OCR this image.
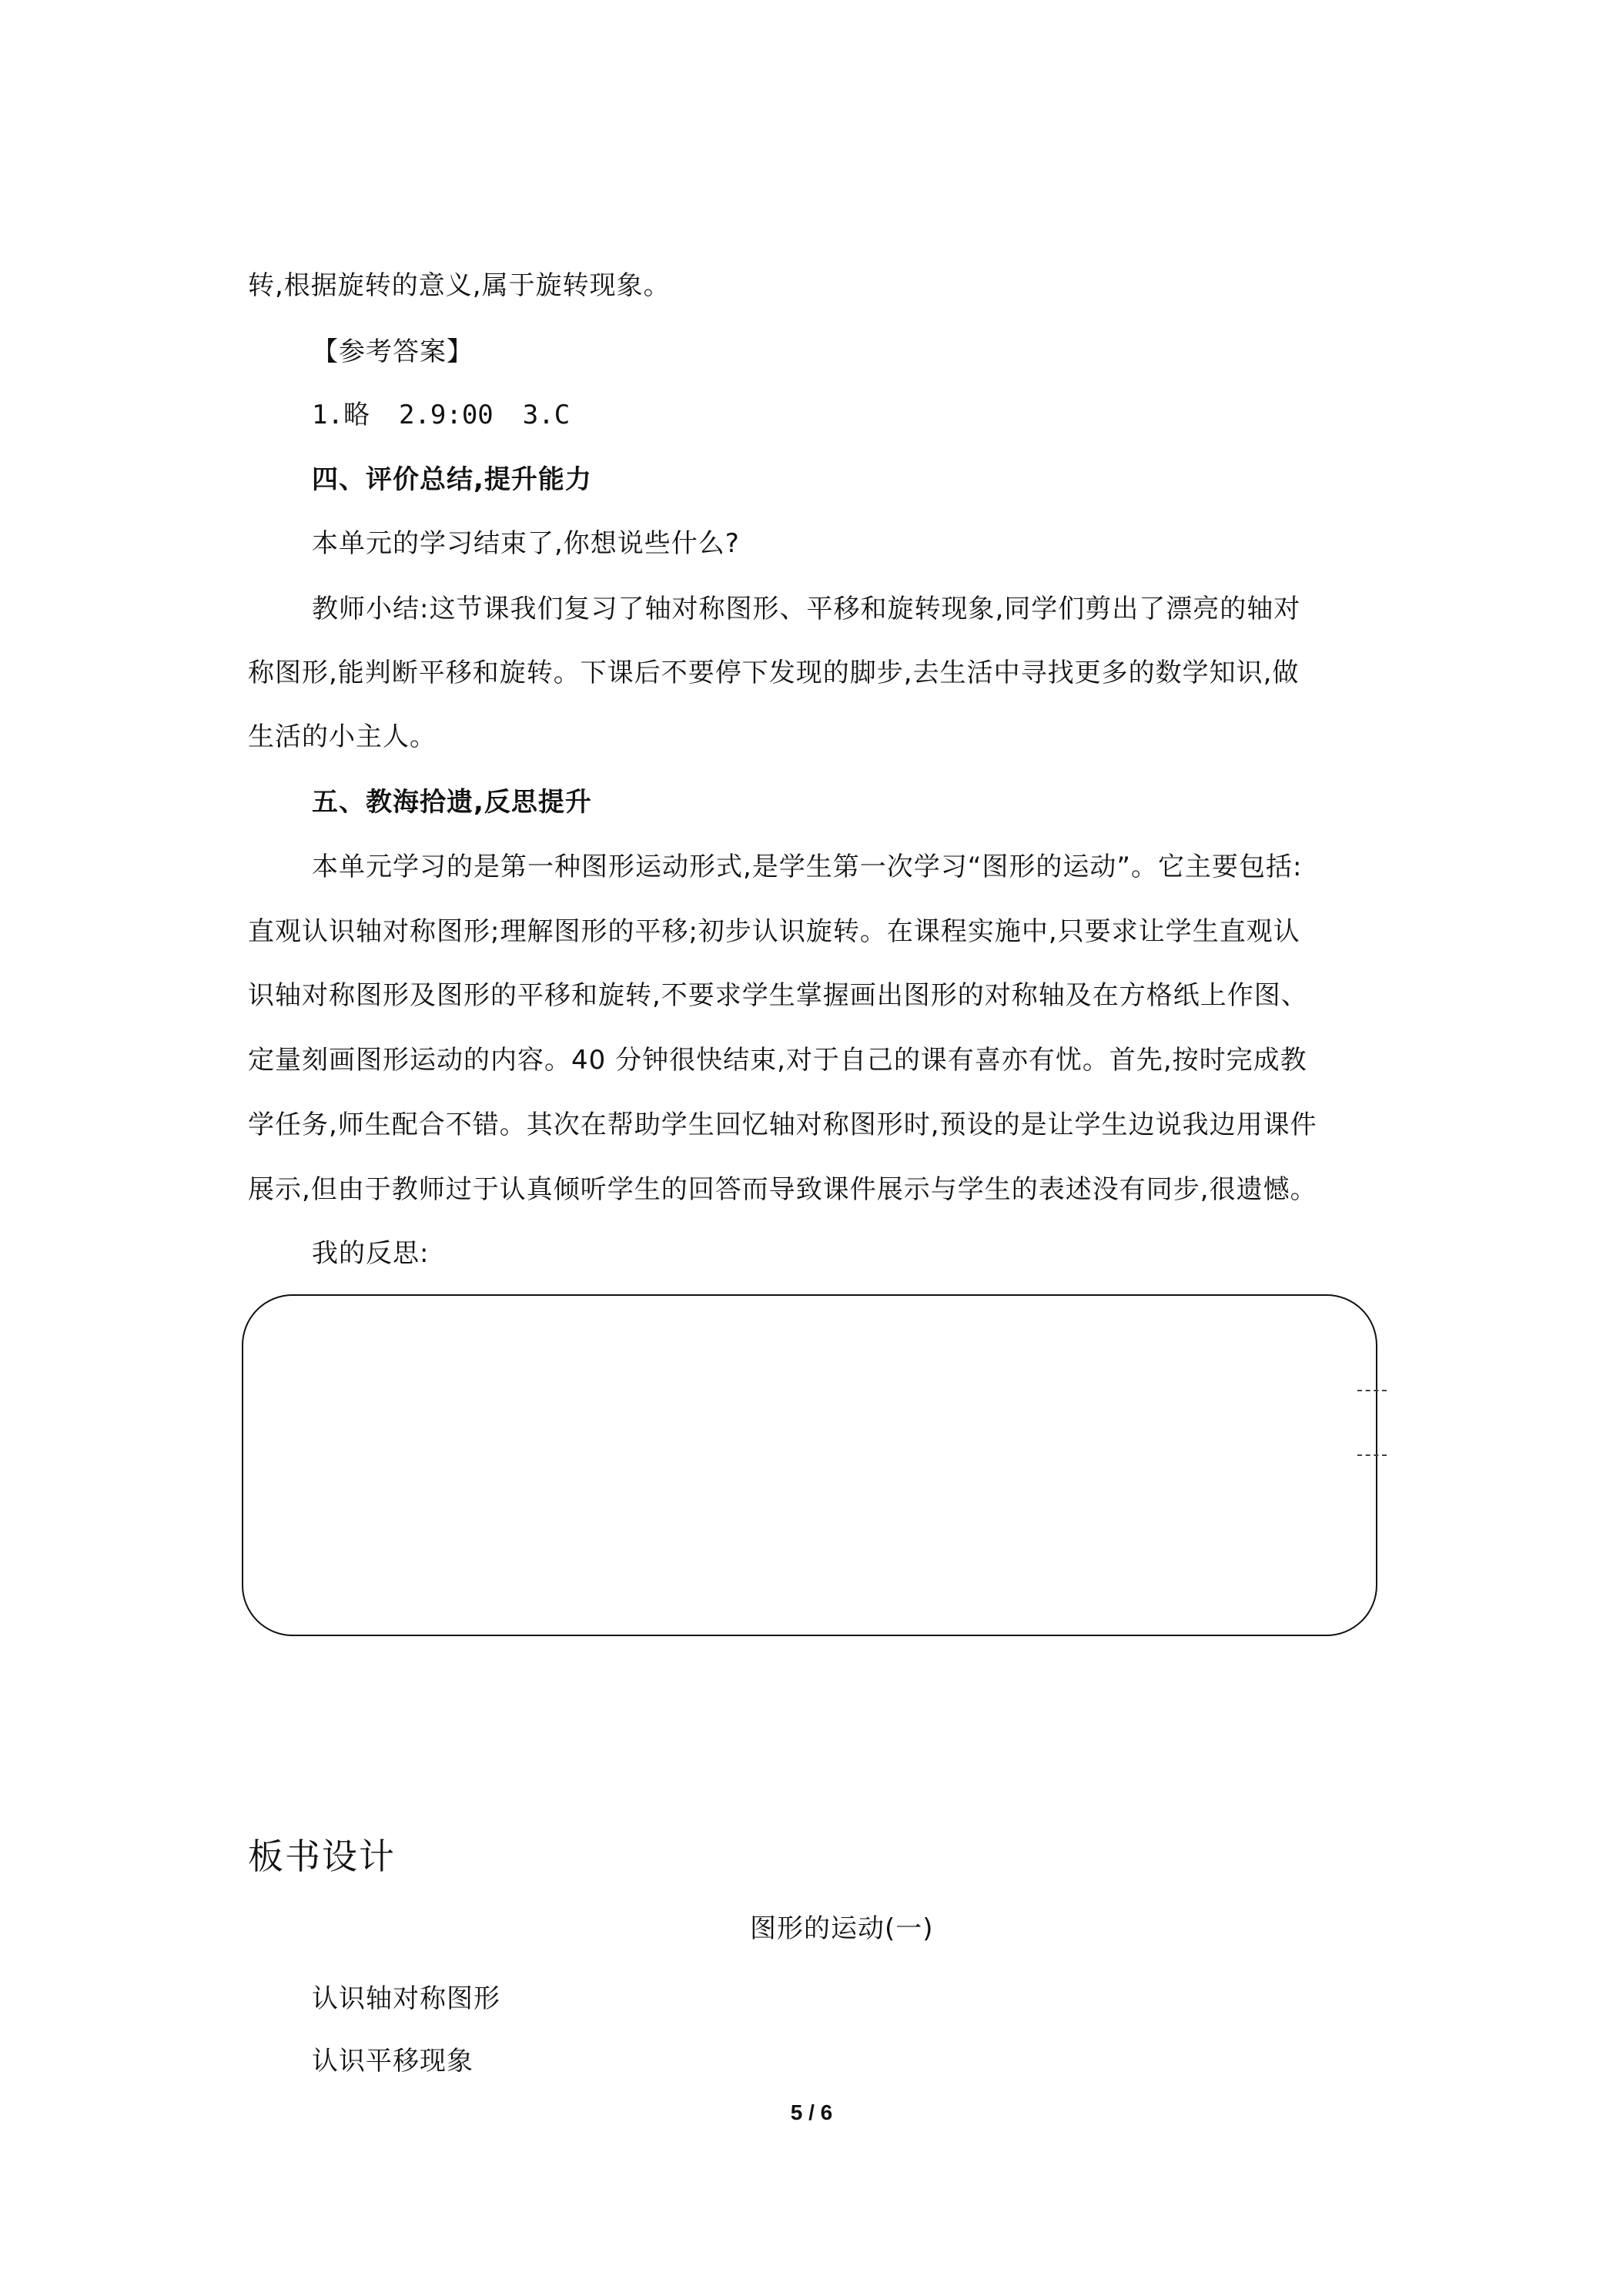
转,根据旋转的意义,属于旋转现象。
【参考答案】
1.略 2.9:00 3.C
四、评价总结,提升能力
本单元的学习结束了,你想说些什么?
教师小结:这节课我们复习了轴对称图形、平移和旋转现象,同学们剪出了漂亮的轴对
称图形,能判断平移和旋转。下课后不要停下发现的脚步,去生活中寻找更多的数学知识,做
生活的小主人。
五、教海拾遗,反思提升
本单元学习的是第一种图形运动形式,是学生第一次学习“图形的运动”。它主要包括:
直观认识轴对称图形;理解图形的平移;初步认识旋转。在课程实施中,只要求让学生直观认
识轴对称图形及图形的平移和旋转,不要求学生掌握画出图形的对称轴及在方格纸上作图、
定量刻画图形运动的内容。40 分钟很快结束,对于自己的课有喜亦有忧。首先,按时完成教
学任务,师生配合不错。其次在帮助学生回忆轴对称图形时,预设的是让学生边说我边用课件
展示,但由于教师过于认真倾听学生的回答而导致课件展示与学生的表述没有同步,很遗憾。
我的反思:
板书设计
图形的运动(一)
认识轴对称图形
认识平移现象
5 / 6
